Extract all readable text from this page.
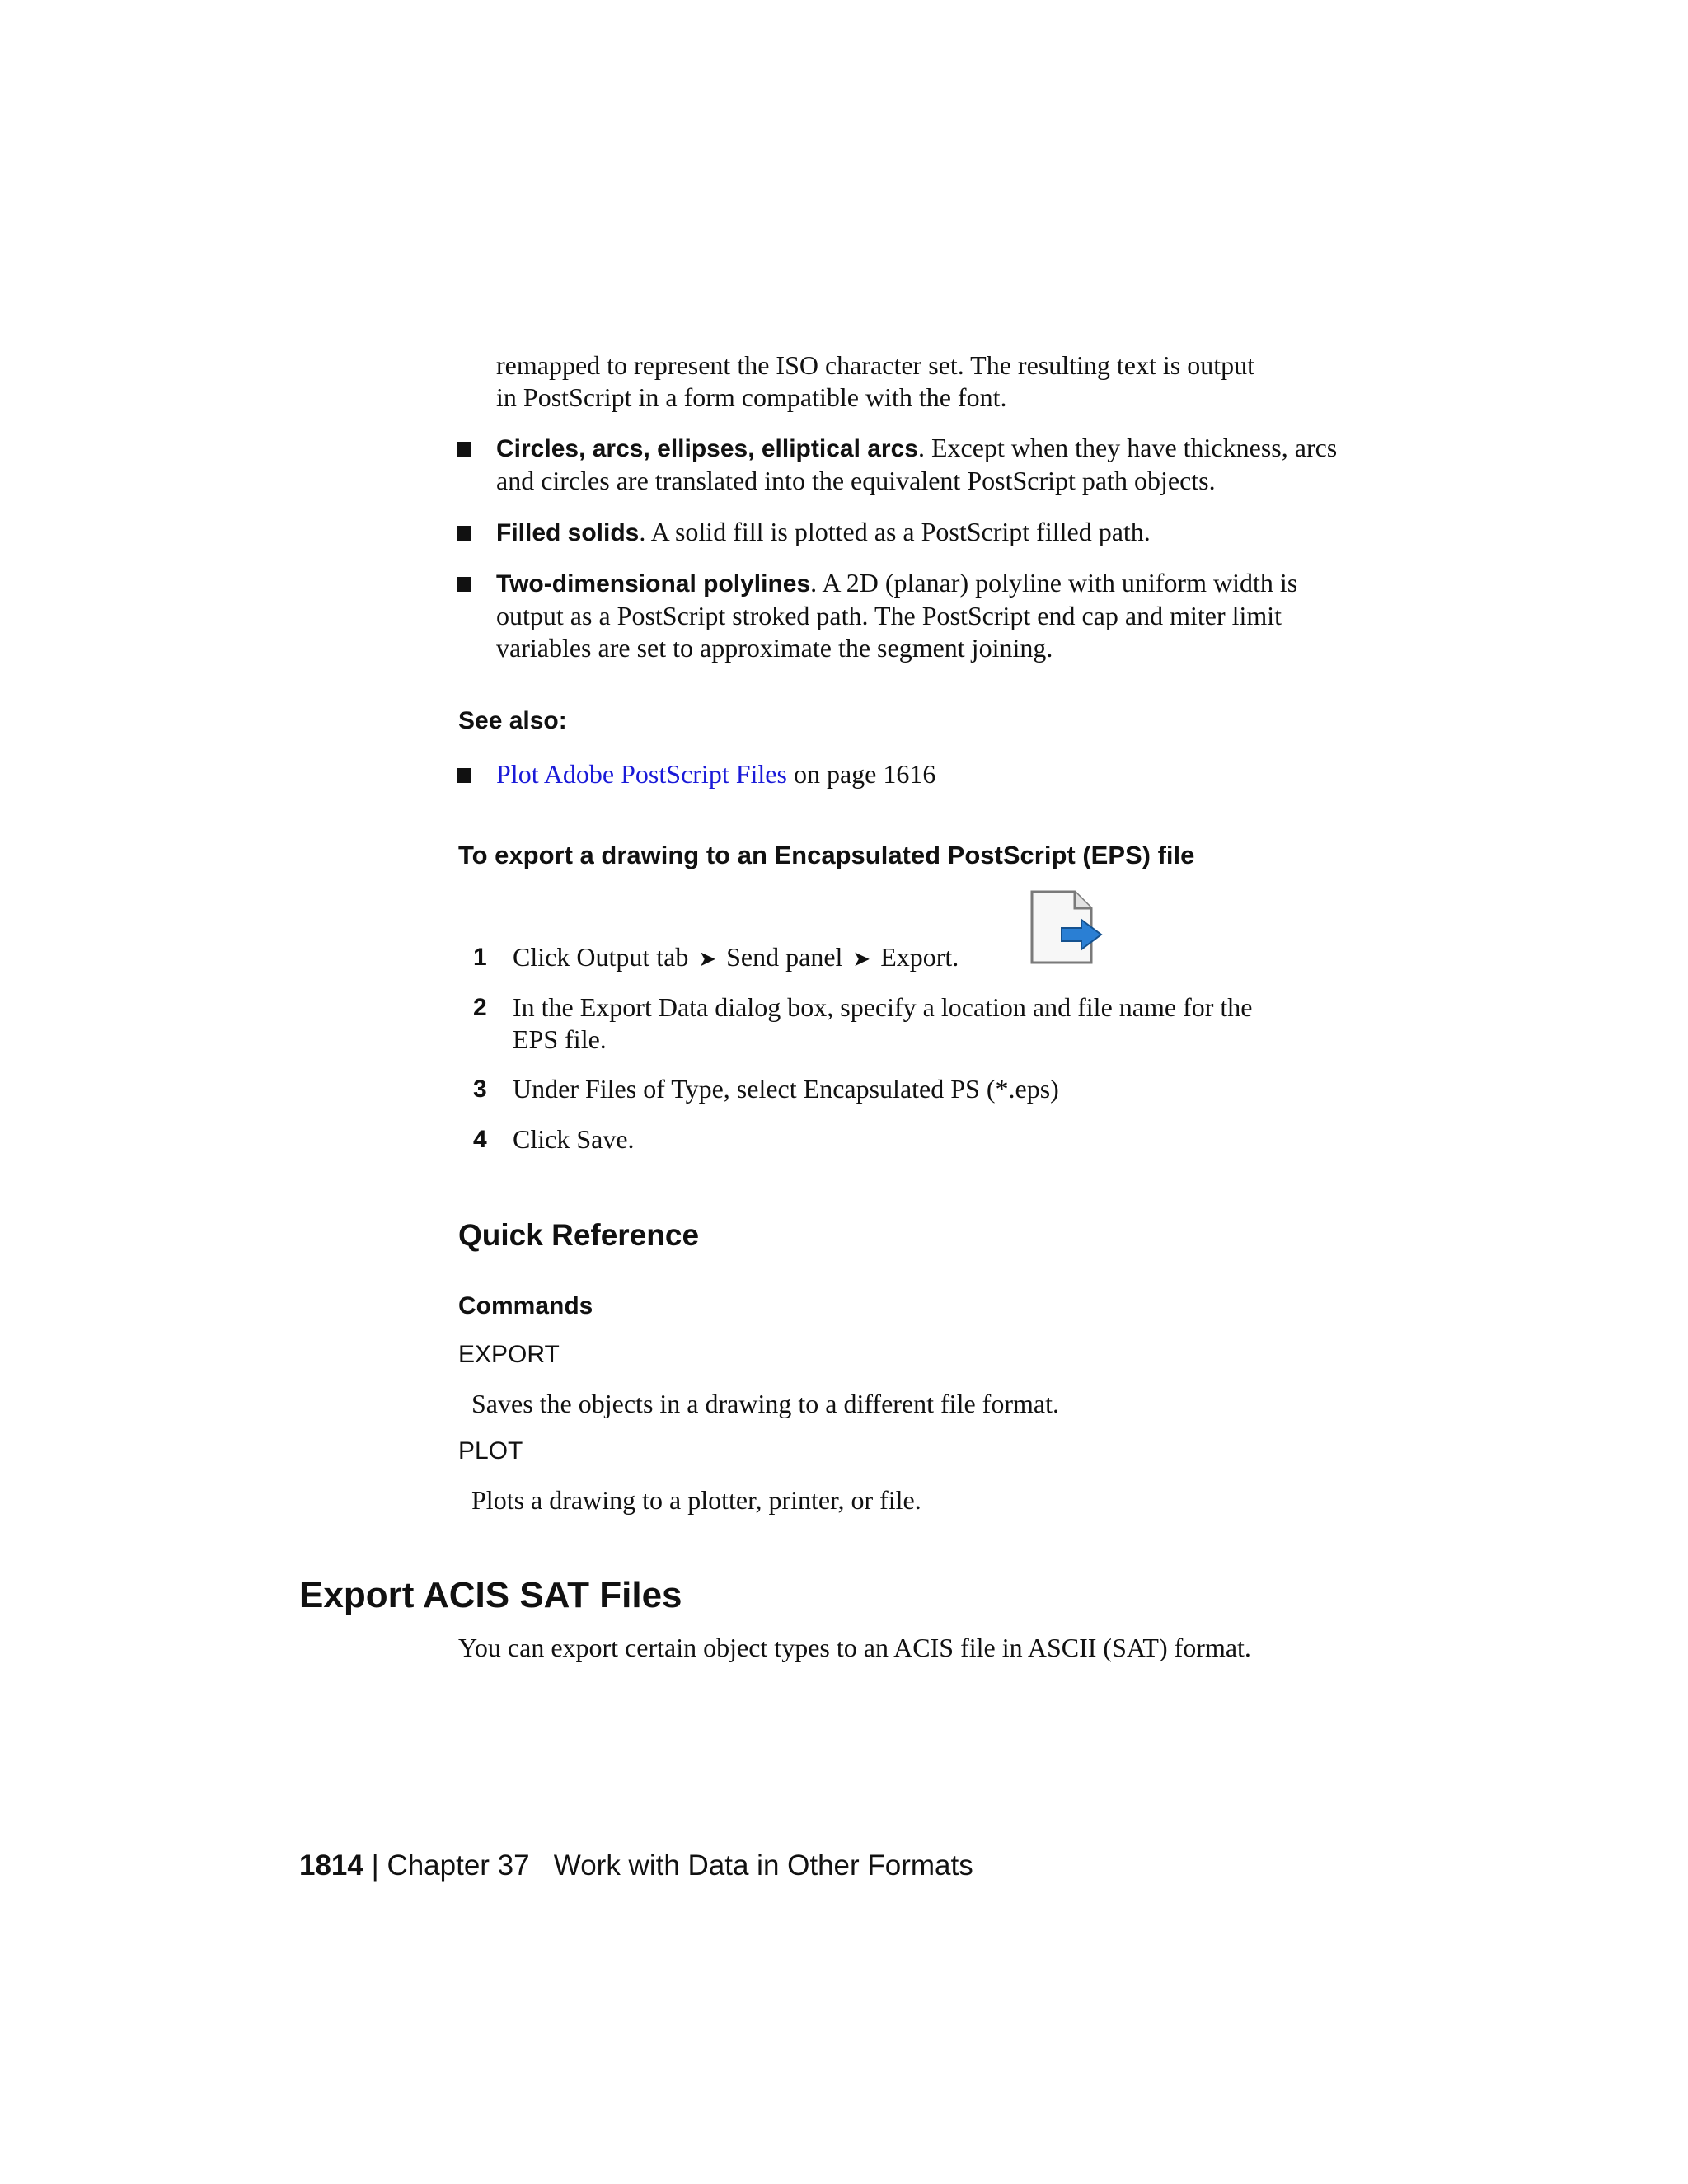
remapped to represent the ISO character set. The resulting text is output
in PostScript in a form compatible with the font.
Circles, arcs, ellipses, elliptical arcs. Except when they have thickness, arcs
and circles are translated into the equivalent PostScript path objects.
Filled solids. A solid fill is plotted as a PostScript filled path.
Two-dimensional polylines. A 2D (planar) polyline with uniform width is
output as a PostScript stroked path. The PostScript end cap and miter limit
variables are set to approximate the segment joining.
See also:
Plot Adobe PostScript Files on page 1616
To export a drawing to an Encapsulated PostScript (EPS) file
1 Click Output tab ➤ Send panel ➤ Export.
2 In the Export Data dialog box, specify a location and file name for the
EPS file.
3 Under Files of Type, select Encapsulated PS (*.eps)
4 Click Save.
Quick Reference
Commands
EXPORT
Saves the objects in a drawing to a different file format.
PLOT
Plots a drawing to a plotter, printer, or file.
Export ACIS SAT Files
You can export certain object types to an ACIS file in ASCII (SAT) format.
1814 | Chapter 37 Work with Data in Other Formats
